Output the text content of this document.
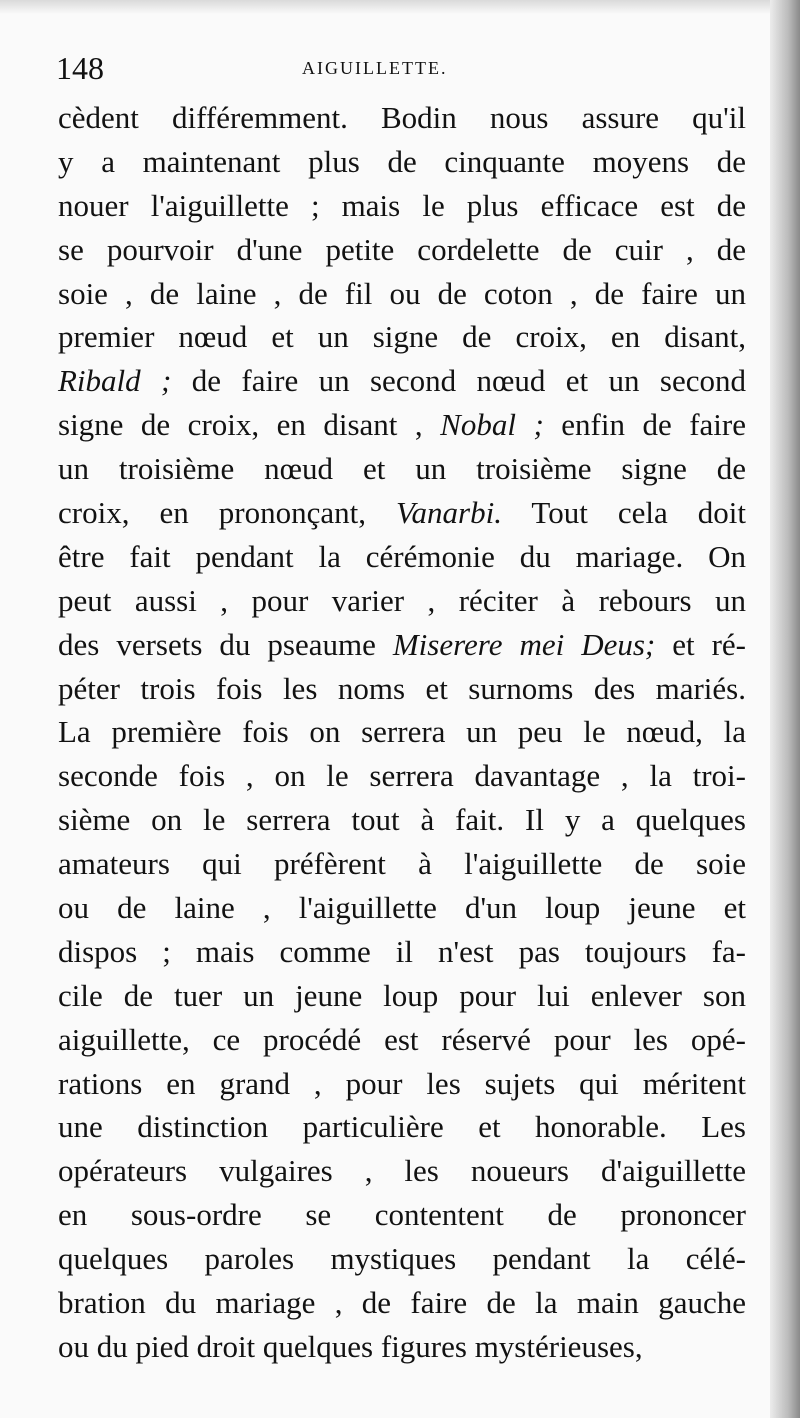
148	AIGUILLETTE.
cèdent différemment. Bodin nous assure qu'il
y a maintenant plus de cinquante moyens de
nouer l'aiguillette ; mais le plus efficace est de
se pourvoir d'une petite cordelette de cuir , de
soie , de laine , de fil ou de coton , de faire un
premier nœud et un signe de croix, en disant,
Ribald ; de faire un second nœud et un second
signe de croix, en disant , Nobal ; enfin de faire
un troisième nœud et un troisième signe de
croix, en prononçant, Vanarbi. Tout cela doit
être fait pendant la cérémonie du mariage. On
peut aussi , pour varier , réciter à rebours un
des versets du pseaume Miserere mei Deus; et ré-
péter trois fois les noms et surnoms des mariés.
La première fois on serrera un peu le nœud, la
seconde fois , on le serrera davantage , la troi-
sième on le serrera tout à fait. Il y a quelques
amateurs qui préfèrent à l'aiguillette de soie
ou de laine , l'aiguillette d'un loup jeune et
dispos ; mais comme il n'est pas toujours fa-
cile de tuer un jeune loup pour lui enlever son
aiguillette, ce procédé est réservé pour les opé-
rations en grand , pour les sujets qui méritent
une distinction particulière et honorable. Les
opérateurs vulgaires , les noueurs d'aiguillette
en sous-ordre se contentent de prononcer
quelques paroles mystiques pendant la célé-
bration du mariage , de faire de la main gauche
ou du pied droit quelques figures mystérieuses,
